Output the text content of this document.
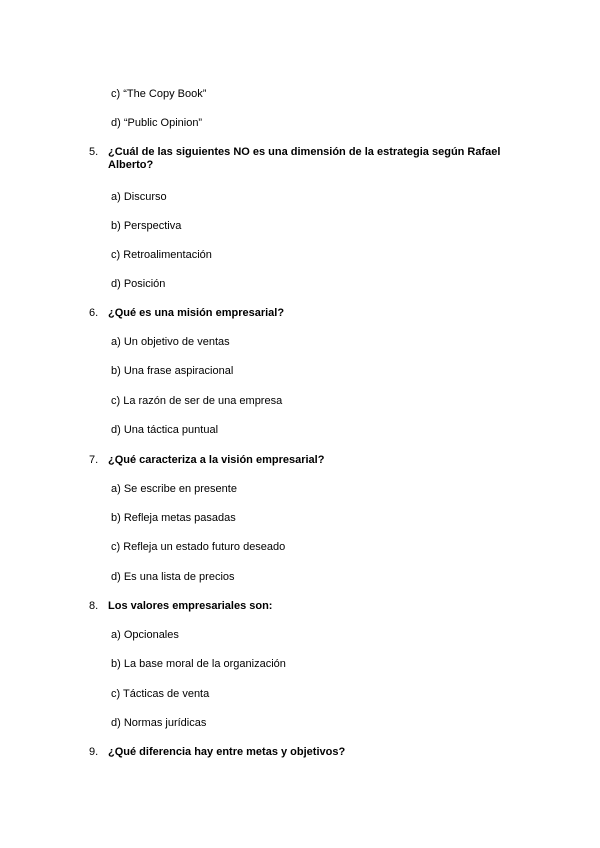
c) “The Copy Book”
d) “Public Opinion”
5. ¿Cuál de las siguientes NO es una dimensión de la estrategia según Rafael Alberto?
a) Discurso
b) Perspectiva
c) Retroalimentación
d) Posición
6. ¿Qué es una misión empresarial?
a) Un objetivo de ventas
b) Una frase aspiracional
c) La razón de ser de una empresa
d) Una táctica puntual
7. ¿Qué caracteriza a la visión empresarial?
a) Se escribe en presente
b) Refleja metas pasadas
c) Refleja un estado futuro deseado
d) Es una lista de precios
8. Los valores empresariales son:
a) Opcionales
b) La base moral de la organización
c) Tácticas de venta
d) Normas jurídicas
9. ¿Qué diferencia hay entre metas y objetivos?
